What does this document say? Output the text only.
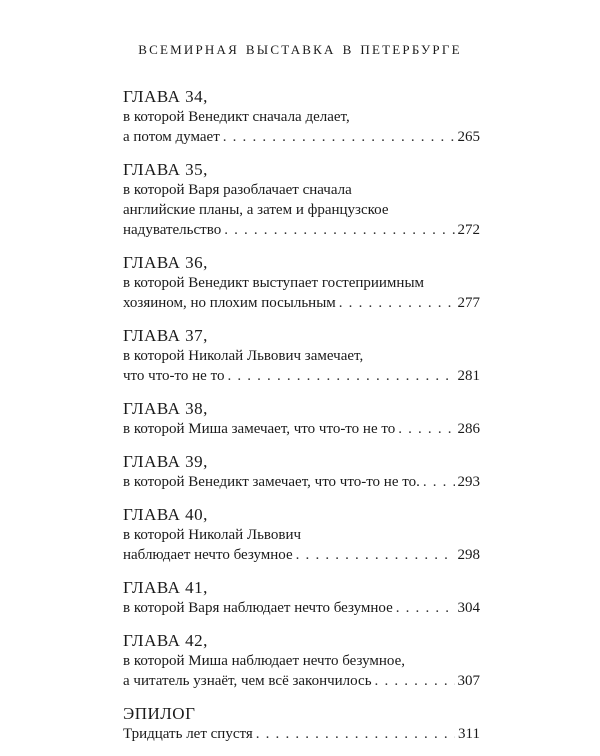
всемирная выставка в петербурге
ГЛАВА 34,
в которой Венедикт сначала делает,
а потом думает . . .	265
ГЛАВА 35,
в которой Варя разоблачает сначала
английские планы, а затем и французское
надувательство . . .	272
ГЛАВА 36,
в которой Венедикт выступает гостеприимным
хозяином, но плохим посыльным . . .	277
ГЛАВА 37,
в которой Николай Львович замечает,
что что-то не то . . .	281
ГЛАВА 38,
в которой Миша замечает, что что-то не то . . .	286
ГЛАВА 39,
в которой Венедикт замечает, что что-то не то. . . .	293
ГЛАВА 40,
в которой Николай Львович
наблюдает нечто безумное . . .	298
ГЛАВА 41,
в которой Варя наблюдает нечто безумное . . .	304
ГЛАВА 42,
в которой Миша наблюдает нечто безумное,
а читатель узнаёт, чем всё закончилось . . .	307
ЭПИЛОГ
Тридцать лет спустя . . .	311
